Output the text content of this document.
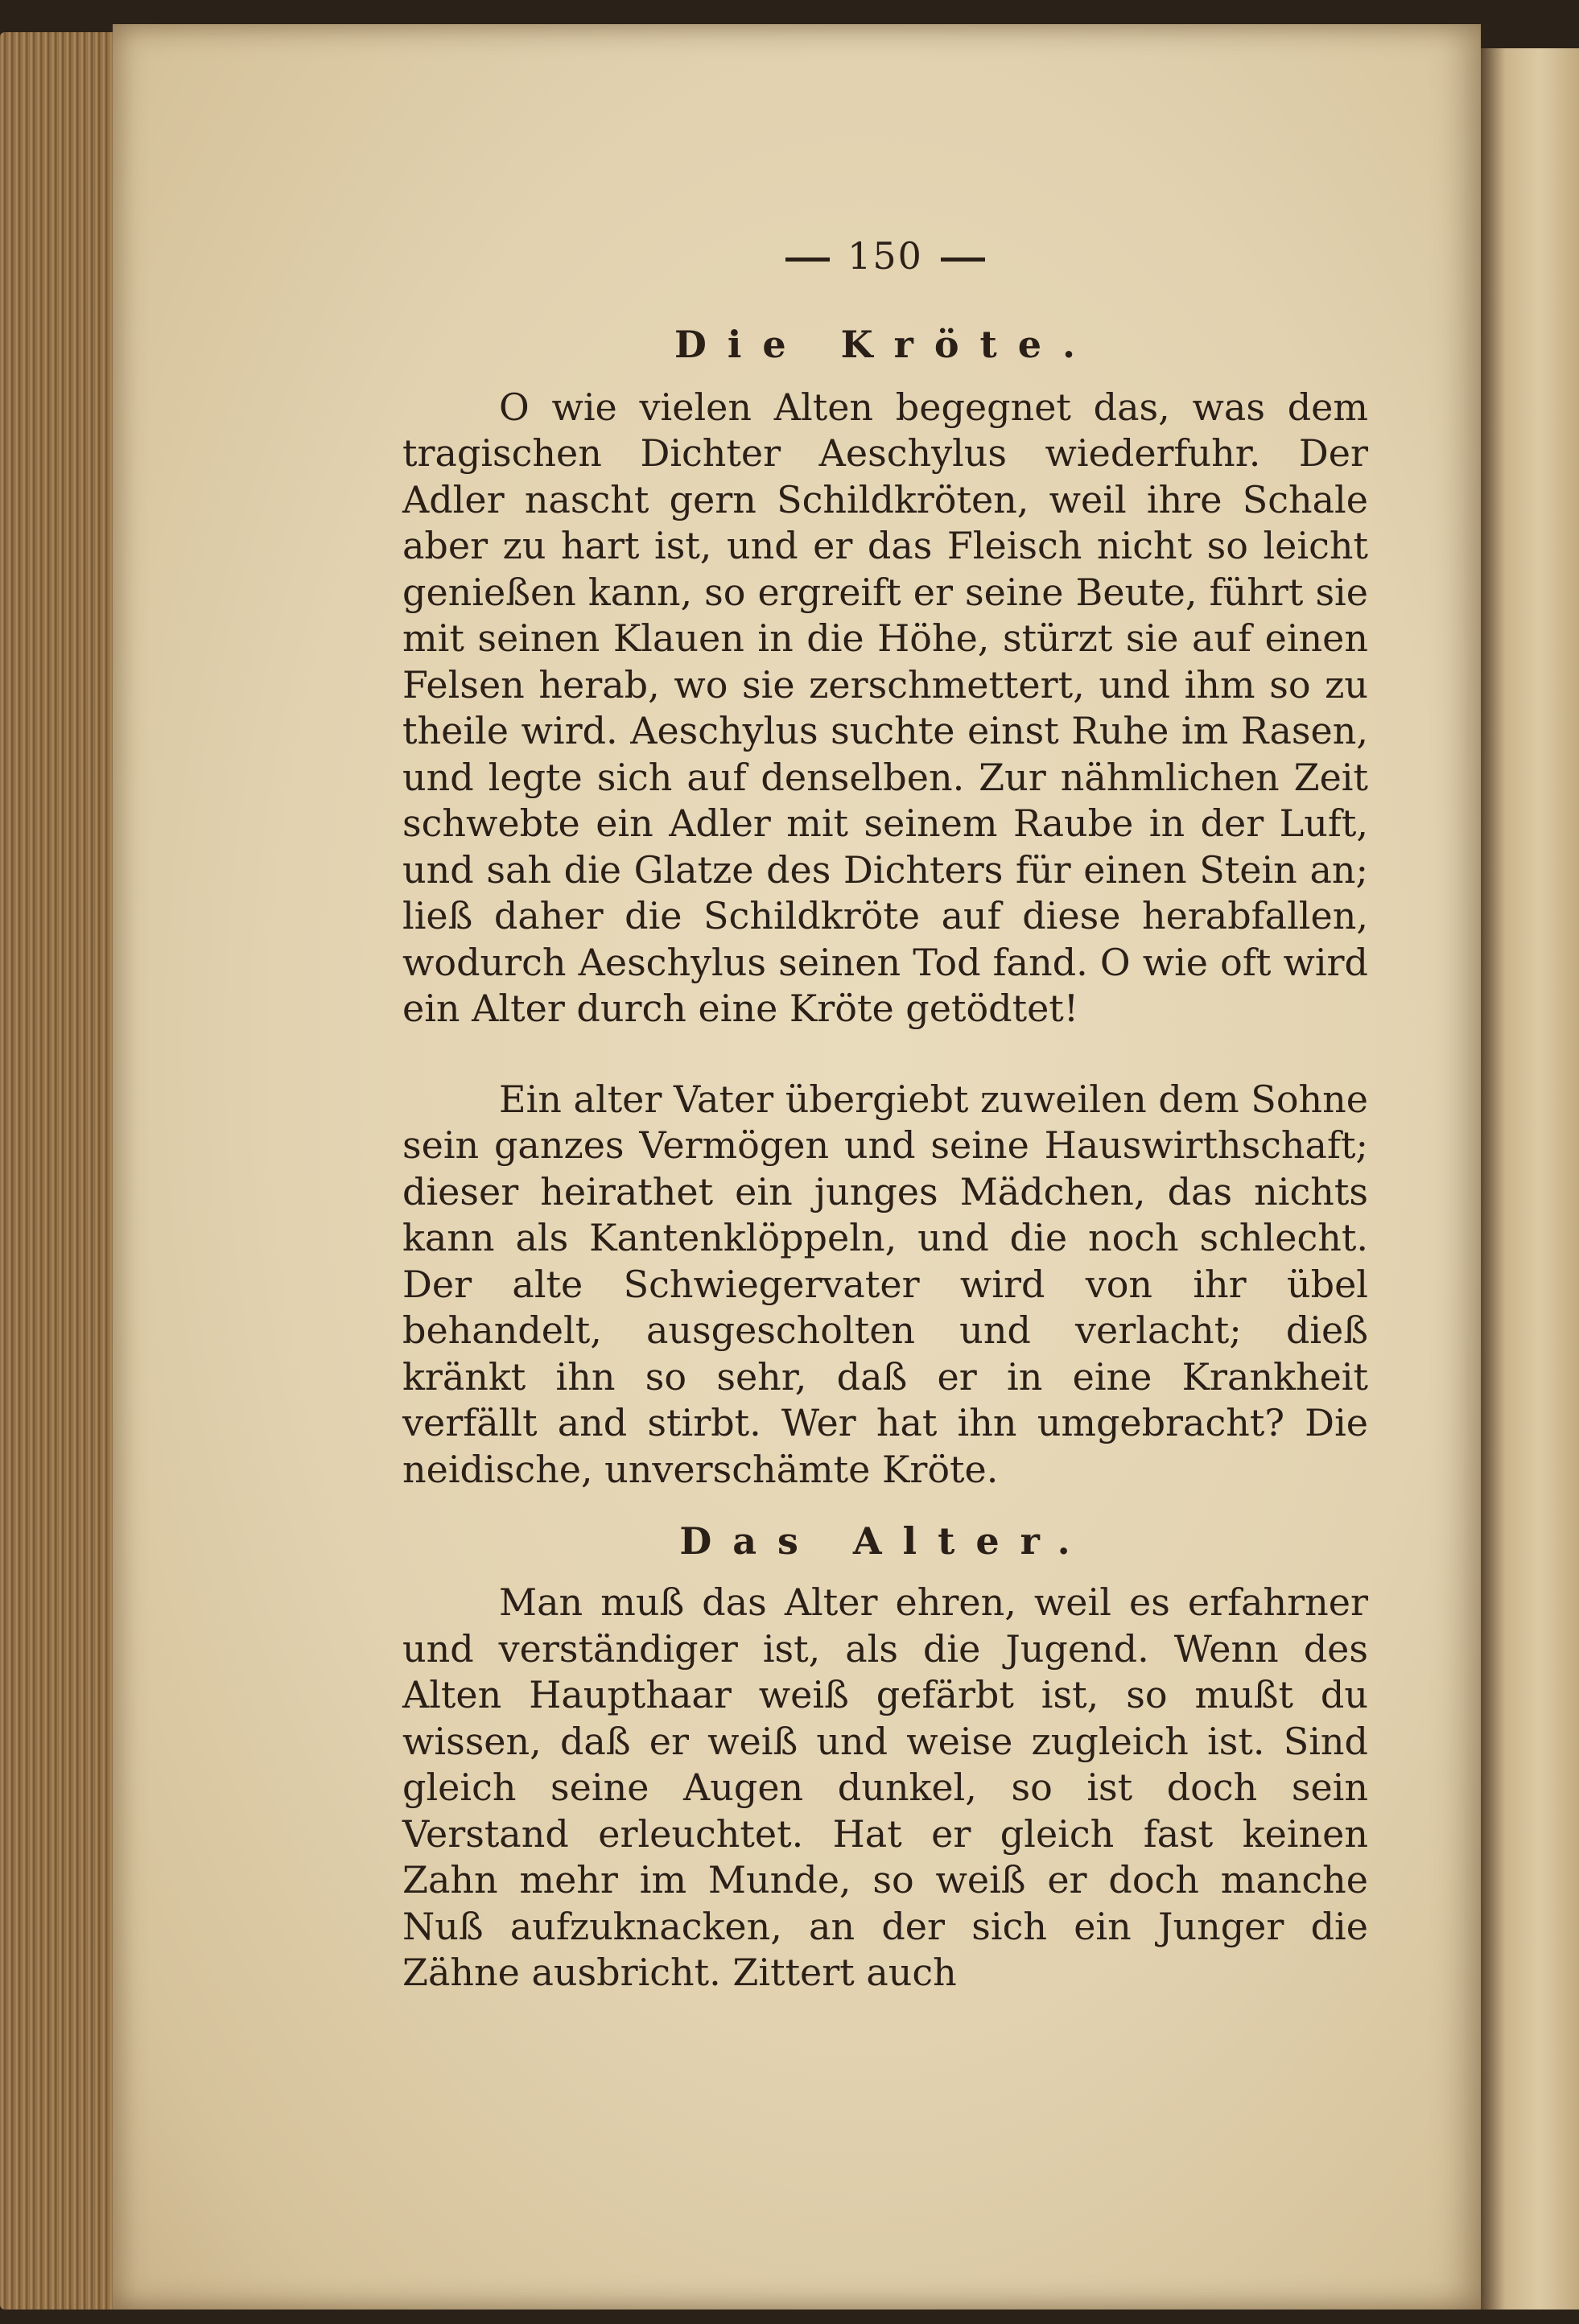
150
Die Kröte.

O wie vielen Alten begegnet das, was dem tragischen Dichter Aeschylus wiederfuhr. Der Adler nascht gern Schildkröten, weil ihre Schale aber zu hart ist, und er das Fleisch nicht so leicht genießen kann, so ergreift er seine Beute, führt sie mit seinen Klauen in die Höhe, stürzt sie auf einen Felsen herab, wo sie zerschmettert, und ihm so zu theile wird. Aeschylus suchte einst Ruhe im Rasen, und legte sich auf denselben. Zur nähmlichen Zeit schwebte ein Adler mit seinem Raube in der Luft, und sah die Glatze des Dichters für einen Stein an; ließ daher die Schildkröte auf diese herabfallen, wodurch Aeschylus seinen Tod fand. O wie oft wird ein Alter durch eine Kröte getödtet!

Ein alter Vater übergiebt zuweilen dem Sohne sein ganzes Vermögen und seine Hauswirthschaft; dieser heirathet ein junges Mädchen, das nichts kann als Kantenklöppeln, und die noch schlecht. Der alte Schwiegervater wird von ihr übel behandelt, ausgescholten und verlacht; dieß kränkt ihn so sehr, daß er in eine Krankheit verfällt and stirbt. Wer hat ihn umgebracht? Die neidische, unverschämte Kröte.

Das Alter.

Man muß das Alter ehren, weil es erfahrner und verständiger ist, als die Jugend. Wenn des Alten Haupthaar weiß gefärbt ist, so mußt du wissen, daß er weiß und weise zugleich ist. Sind gleich seine Augen dunkel, so ist doch sein Verstand erleuchtet. Hat er gleich fast keinen Zahn mehr im Munde, so weiß er doch manche Nuß aufzuknacken, an der sich ein Junger die Zähne ausbricht. Zittert auch
